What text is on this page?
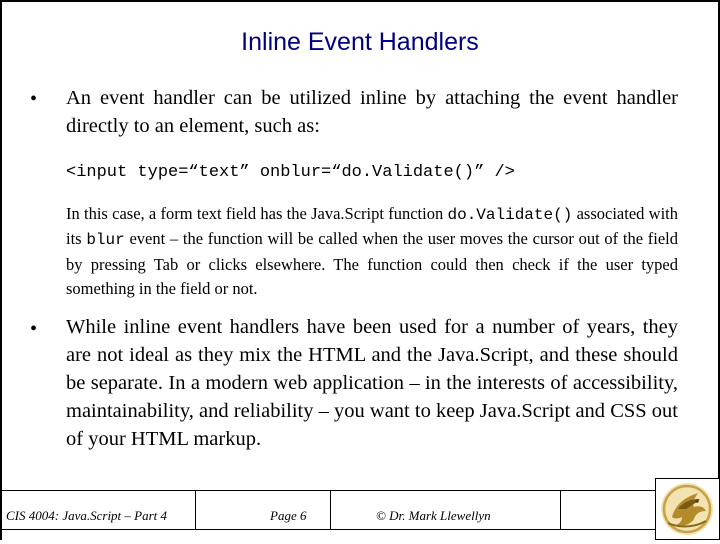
Inline Event Handlers
• An event handler can be utilized inline by attaching the event handler directly to an element, such as:
<input type=“text” onblur=“do.Validate()” />
In this case, a form text field has the Java.Script function do.Validate() associated with its blur event – the function will be called when the user moves the cursor out of the field by pressing Tab or clicks elsewhere. The function could then check if the user typed something in the field or not.
• While inline event handlers have been used for a number of years, they are not ideal as they mix the HTML and the Java.Script, and these should be separate. In a modern web application – in the interests of accessibility, maintainability, and reliability – you want to keep Java.Script and CSS out of your HTML markup.
CIS 4004: Java.Script – Part 4	Page 6	© Dr. Mark Llewellyn
